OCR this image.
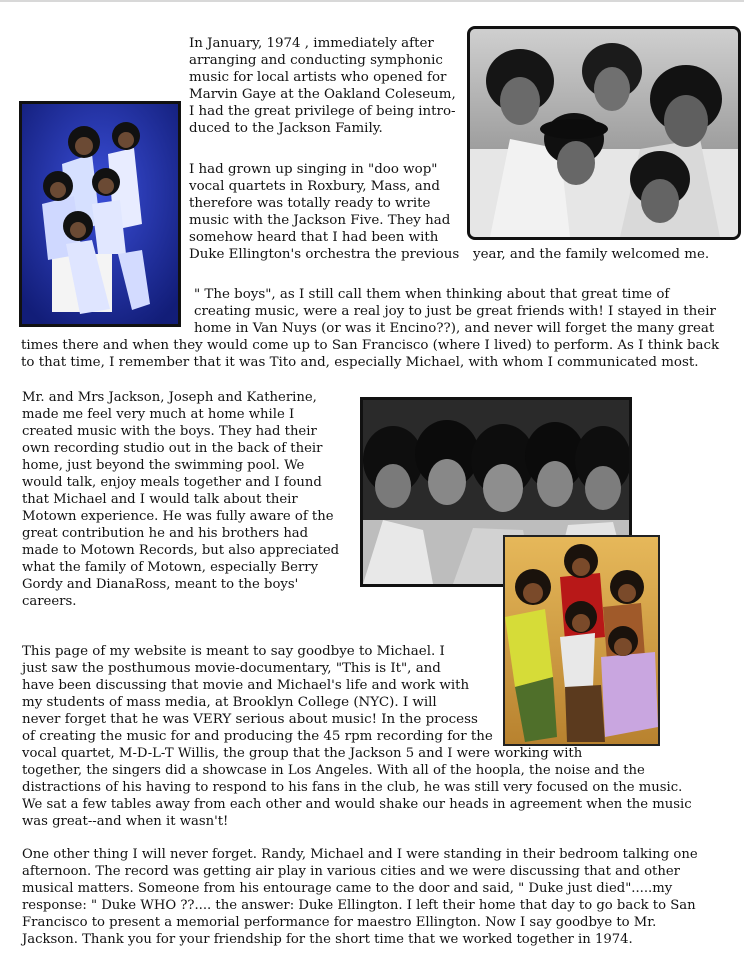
In January, 1974 , immediately after
arranging and conducting symphonic
music for local artists who opened for
Marvin Gaye at the Oakland Coleseum,
I had the great privilege of being intro-
duced to the Jackson Family.

I had grown up singing in "doo wop"
vocal quartets in Roxbury, Mass, and
therefore was totally ready to write
music with the Jackson Five. They had
somehow heard that I had been with
Duke Ellington's orchestra the previous year, and the family welcomed me.

" The boys", as I still call them when thinking about that great time of
creating music, were a real joy to just be great friends with! I stayed in their
home in Van Nuys (or was it Encino??), and never will forget the many great

times there and when they would come up to San Francisco (where I lived) to perform. As I think back
to that time, I remember that it was Tito and, especially Michael, with whom I communicated most.

Mr. and Mrs Jackson, Joseph and Katherine,
made me feel very much at home while I
created music with the boys. They had their
own recording studio out in the back of their
home, just beyond the swimming pool. We
would talk, enjoy meals together and I found
that Michael and I would talk about their
Motown experience. He was fully aware of the
great contribution he and his brothers had
made to Motown Records, but also appreciated
what the family of Motown, especially Berry
Gordy and DianaRoss, meant to the boys'
careers.

This page of my website is meant to say goodbye to Michael. I
just saw the posthumous movie-documentary, "This is It", and
have been discussing that movie and Michael's life and work with
my students of mass media, at Brooklyn College (NYC). I will
never forget that he was VERY serious about music! In the process
of creating the music for and producing the 45 rpm recording for the

vocal quartet, M-D-L-T Willis, the group that the Jackson 5 and I were working with
together, the singers did a showcase in Los Angeles. With all of the hoopla, the noise and the
distractions of his having to respond to his fans in the club, he was still very focused on the music.
We sat a few tables away from each other and would shake our heads in agreement when the music
was great--and when it wasn't!

One other thing I will never forget. Randy, Michael and I were standing in their bedroom talking one
afternoon. The record was getting air play in various cities and we were discussing that and other
musical matters. Someone from his entourage came to the door and said, " Duke just died".....my
response: " Duke WHO ??.... the answer: Duke Ellington. I left their home that day to go back to San
Francisco to present a memorial performance for maestro Ellington. Now I say goodbye to Mr.
Jackson. Thank you for your friendship for the short time that we worked together in 1974.
